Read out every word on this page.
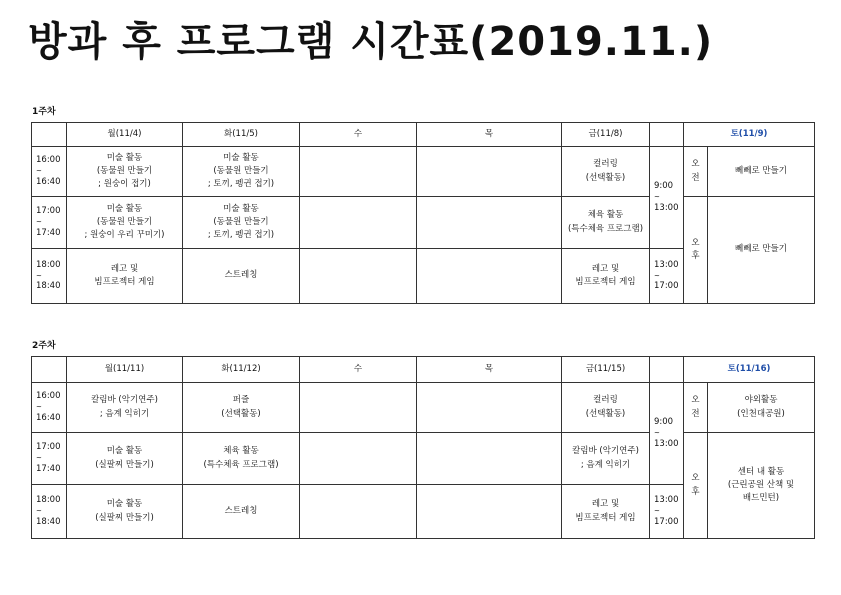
방과 후 프로그램 시간표(2019.11.)
1주차
	월(11/4)	화(11/5)	수	목	금(11/8)		토(11/9)	

16:00
~
16:40	미술 활동
(동물원 만들기
; 원숭이 접기)	미술 활동
(동물원 만들기
; 토끼, 펭귄 접기)			컬러링
(선택활동)	9:00
~
13:00	오
전	뻬뻬로 만들기

17:00
~
17:40	미술 활동
(동물원 만들기
; 원숭이 우리 꾸미기)	미술 활동
(동물원 만들기
; 토끼, 펭귄 접기)			체육 활동
(특수체육 프로그램)		오
후	뻬뻬로 만들기

18:00
~
18:40	레고 및
빔프로젝터 게임	스트레칭			레고 및
빔프로젝터 게임	13:00
~
17:00		
2주차
	월(11/11)	화(11/12)	수	목	금(11/15)		토(11/16)	

16:00
~
16:40	칼림바 (악기연주)
; 음계 익히기	퍼즐
(선택활동)			컬러링
(선택활동)	9:00
~
13:00	오
전	야외활동
(인천대공원)

17:00
~
17:40	미술 활동
(실팔찌 만들기)	체육 활동
(특수체육 프로그램)			칼림바 (악기연주)
; 음계 익히기		오
후	센터 내 활동
(근린공원 산책 및
배드민턴)

18:00
~
18:40	미술 활동
(실팔찌 만들기)	스트레칭			레고 및
빔프로젝터 게임	13:00
~
17:00		
